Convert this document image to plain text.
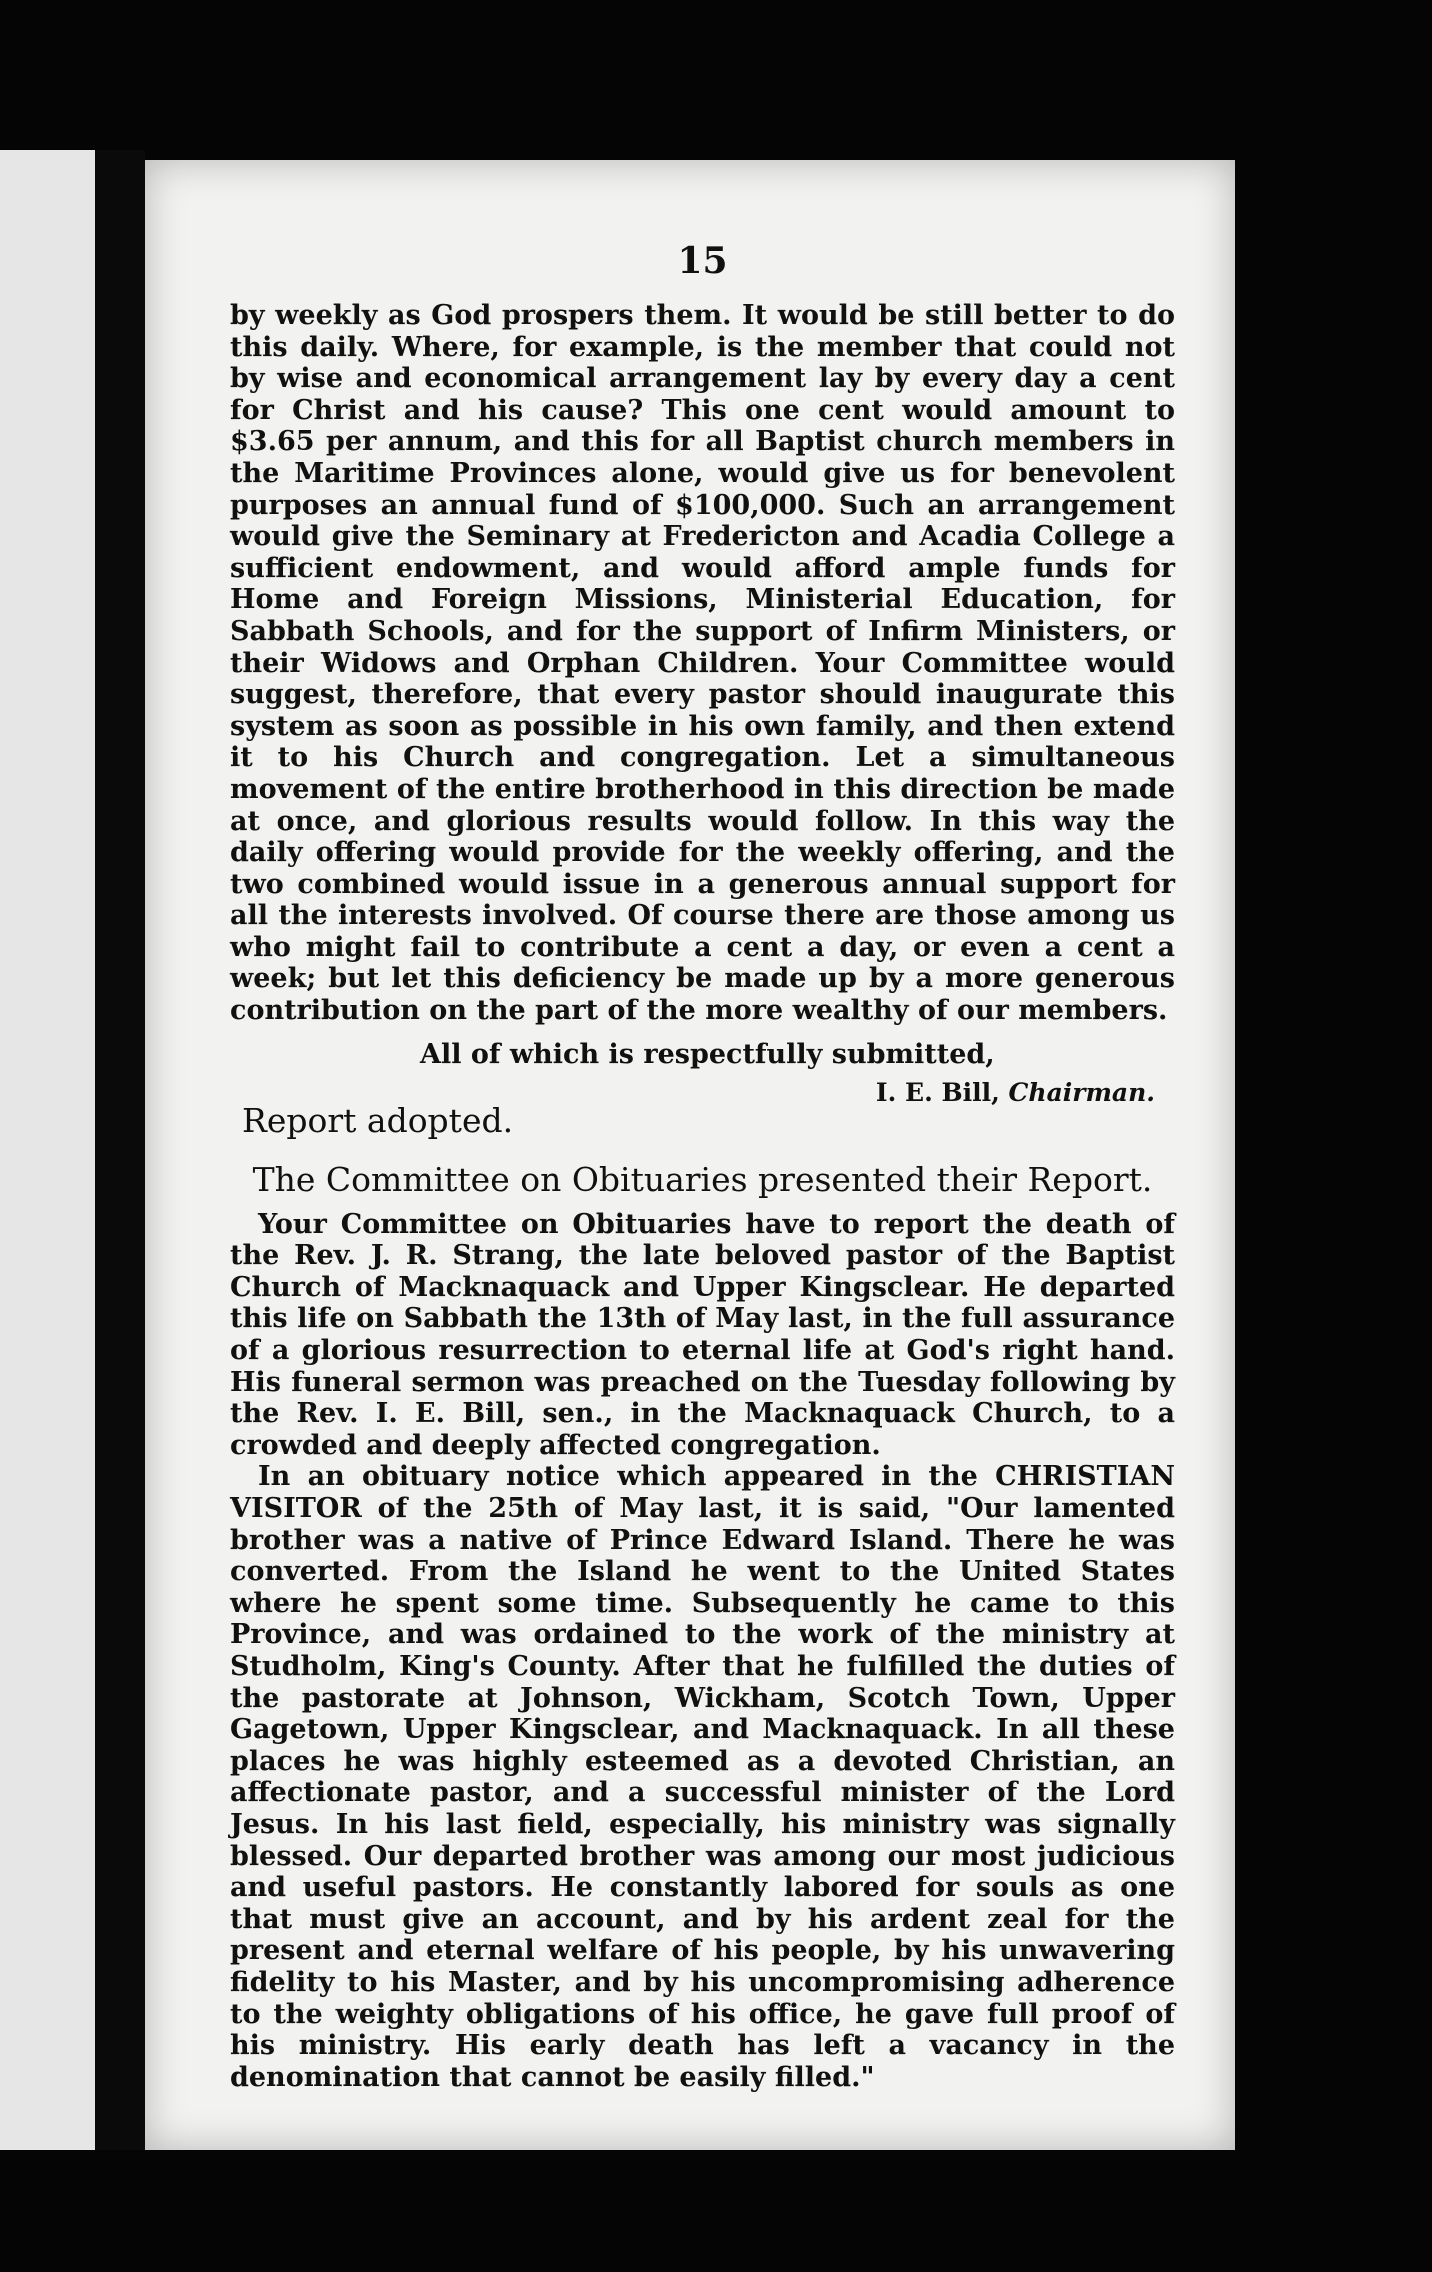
15

by weekly as God prospers them. It would be still better to do this daily. Where, for example, is the member that could not by wise and economical arrangement lay by every day a cent for Christ and his cause? This one cent would amount to $3.65 per annum, and this for all Baptist church members in the Maritime Provinces alone, would give us for benevolent purposes an annual fund of $100,000. Such an arrangement would give the Seminary at Fredericton and Acadia College a sufficient endowment, and would afford ample funds for Home and Foreign Missions, Ministerial Education, for Sabbath Schools, and for the support of Infirm Ministers, or their Widows and Orphan Children. Your Committee would suggest, therefore, that every pastor should inaugurate this system as soon as possible in his own family, and then extend it to his Church and congregation. Let a simultaneous movement of the entire brotherhood in this direction be made at once, and glorious results would follow. In this way the daily offering would provide for the weekly offering, and the two combined would issue in a generous annual support for all the interests involved. Of course there are those among us who might fail to contribute a cent a day, or even a cent a week; but let this deficiency be made up by a more generous contribution on the part of the more wealthy of our members.

All of which is respectfully submitted,
I. E. Bill, Chairman.
Report adopted.
The Committee on Obituaries presented their Report.

Your Committee on Obituaries have to report the death of the Rev. J. R. Strang, the late beloved pastor of the Baptist Church of Macknaquack and Upper Kingsclear. He departed this life on Sabbath the 13th of May last, in the full assurance of a glorious resurrection to eternal life at God's right hand. His funeral sermon was preached on the Tuesday following by the Rev. I. E. Bill, sen., in the Macknaquack Church, to a crowded and deeply affected congregation.

In an obituary notice which appeared in the CHRISTIAN VISITOR of the 25th of May last, it is said, "Our lamented brother was a native of Prince Edward Island. There he was converted. From the Island he went to the United States where he spent some time. Subsequently he came to this Province, and was ordained to the work of the ministry at Studholm, King's County. After that he fulfilled the duties of the pastorate at Johnson, Wickham, Scotch Town, Upper Gagetown, Upper Kingsclear, and Macknaquack. In all these places he was highly esteemed as a devoted Christian, an affectionate pastor, and a successful minister of the Lord Jesus. In his last field, especially, his ministry was signally blessed. Our departed brother was among our most judicious and useful pastors. He constantly labored for souls as one that must give an account, and by his ardent zeal for the present and eternal welfare of his people, by his unwavering fidelity to his Master, and by his uncompromising adherence to the weighty obligations of his office, he gave full proof of his ministry. His early death has left a vacancy in the denomination that cannot be easily filled."
